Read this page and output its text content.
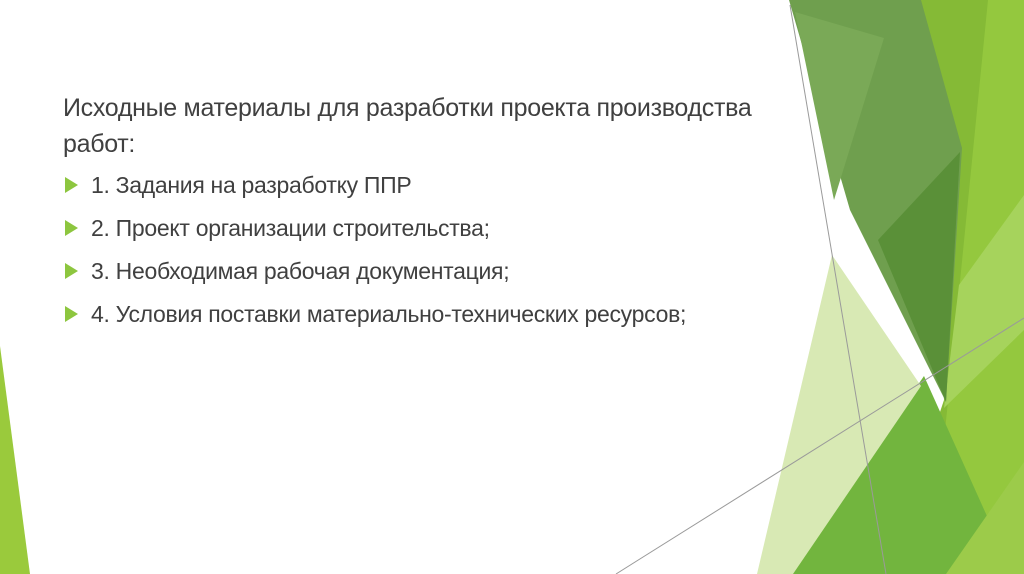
Исходные материалы для разработки проекта производства
работ:
1. Задания на разработку ППР
2. Проект организации строительства;
3. Необходимая рабочая документация;
4. Условия поставки материально-технических ресурсов;
